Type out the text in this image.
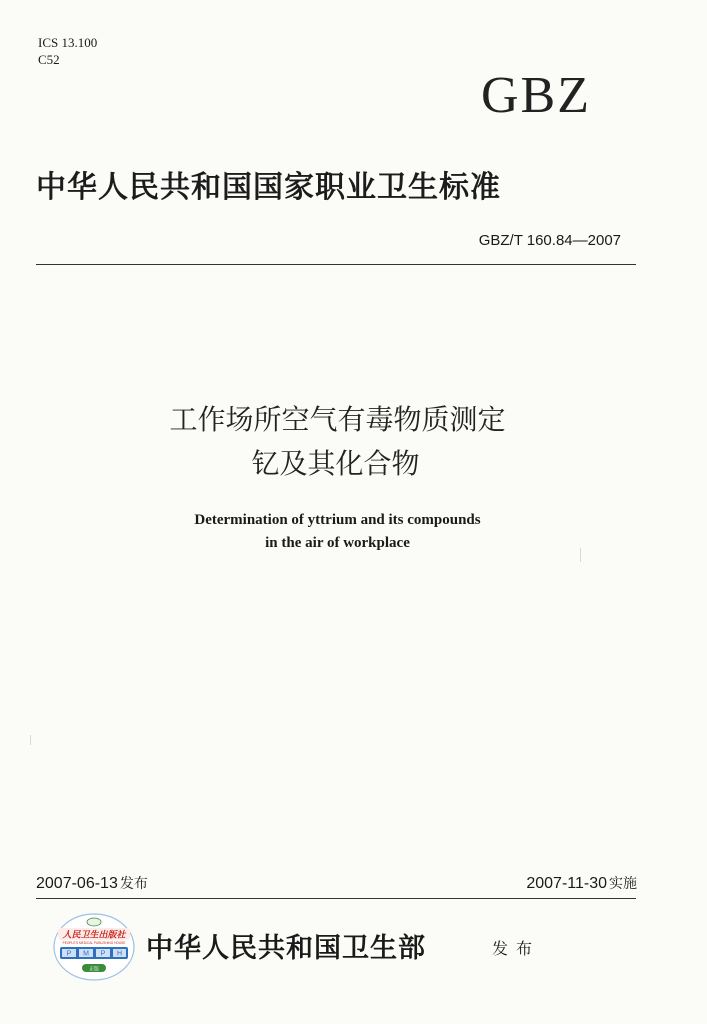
ICS 13.100
C52
GBZ
中华人民共和国国家职业卫生标准
GBZ/T 160.84—2007
工作场所空气有毒物质测定
钇及其化合物
Determination of yttrium and its compounds
in the air of workplace
2007-06-13 发布	2007-11-30 实施
人民卫生出版社
PEOPLE'S MEDICAL PUBLISHING HOUSE
P M P H
正版
中华人民共和国卫生部	发布
